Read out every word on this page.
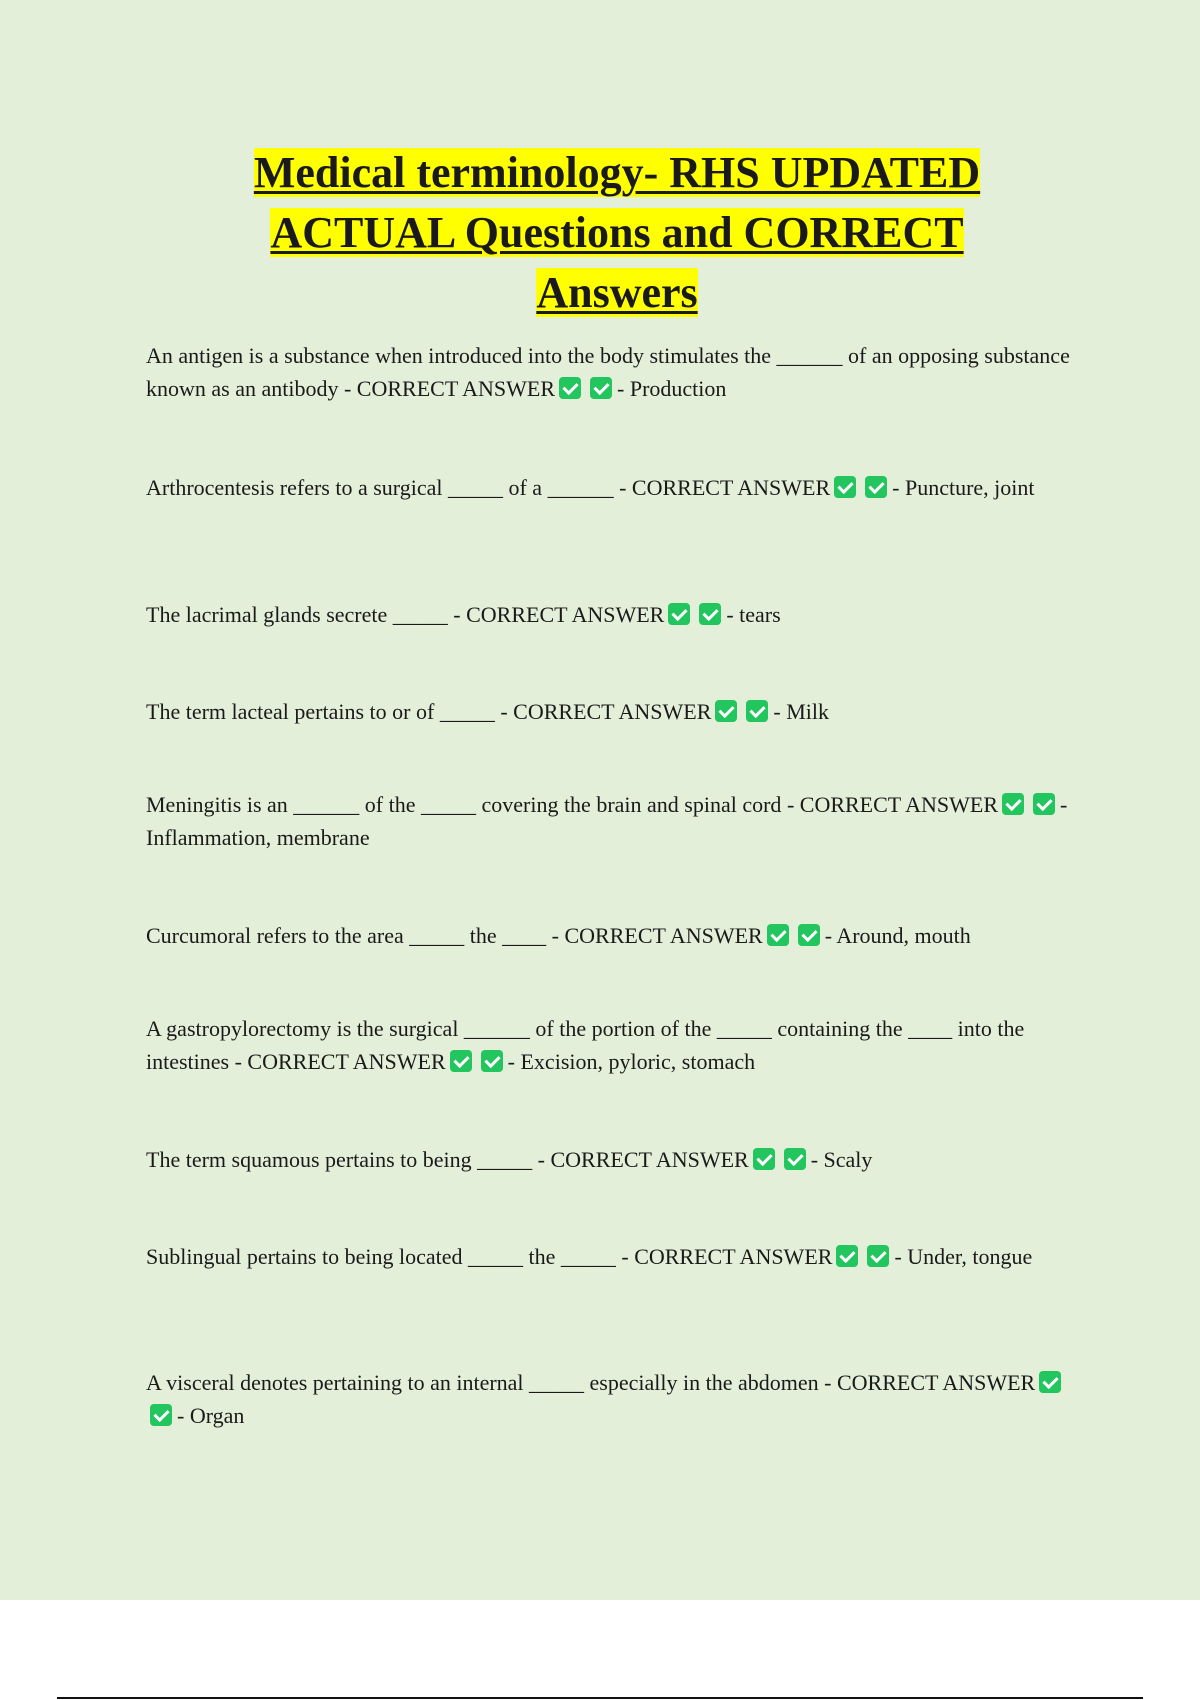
Medical terminology- RHS UPDATED
ACTUAL Questions and CORRECT
Answers

An antigen is a substance when introduced into the body stimulates the ______ of an opposing substance known as an antibody - CORRECT ANSWER	- Production

Arthrocentesis refers to a surgical _____ of a ______ - CORRECT ANSWER	- Puncture, joint

The lacrimal glands secrete _____ - CORRECT ANSWER	- tears

The term lacteal pertains to or of _____ - CORRECT ANSWER	- Milk

Meningitis is an ______ of the _____ covering the brain and spinal cord - CORRECT ANSWER	- Inflammation, membrane

Curcumoral refers to the area _____ the ____ - CORRECT ANSWER	- Around, mouth

A gastropylorectomy is the surgical ______ of the portion of the _____ containing the ____ into the intestines - CORRECT ANSWER	- Excision, pyloric, stomach

The term squamous pertains to being _____ - CORRECT ANSWER	- Scaly

Sublingual pertains to being located _____ the _____ - CORRECT ANSWER	- Under, tongue

A visceral denotes pertaining to an internal _____ especially in the abdomen - CORRECT ANSWER- Organ
